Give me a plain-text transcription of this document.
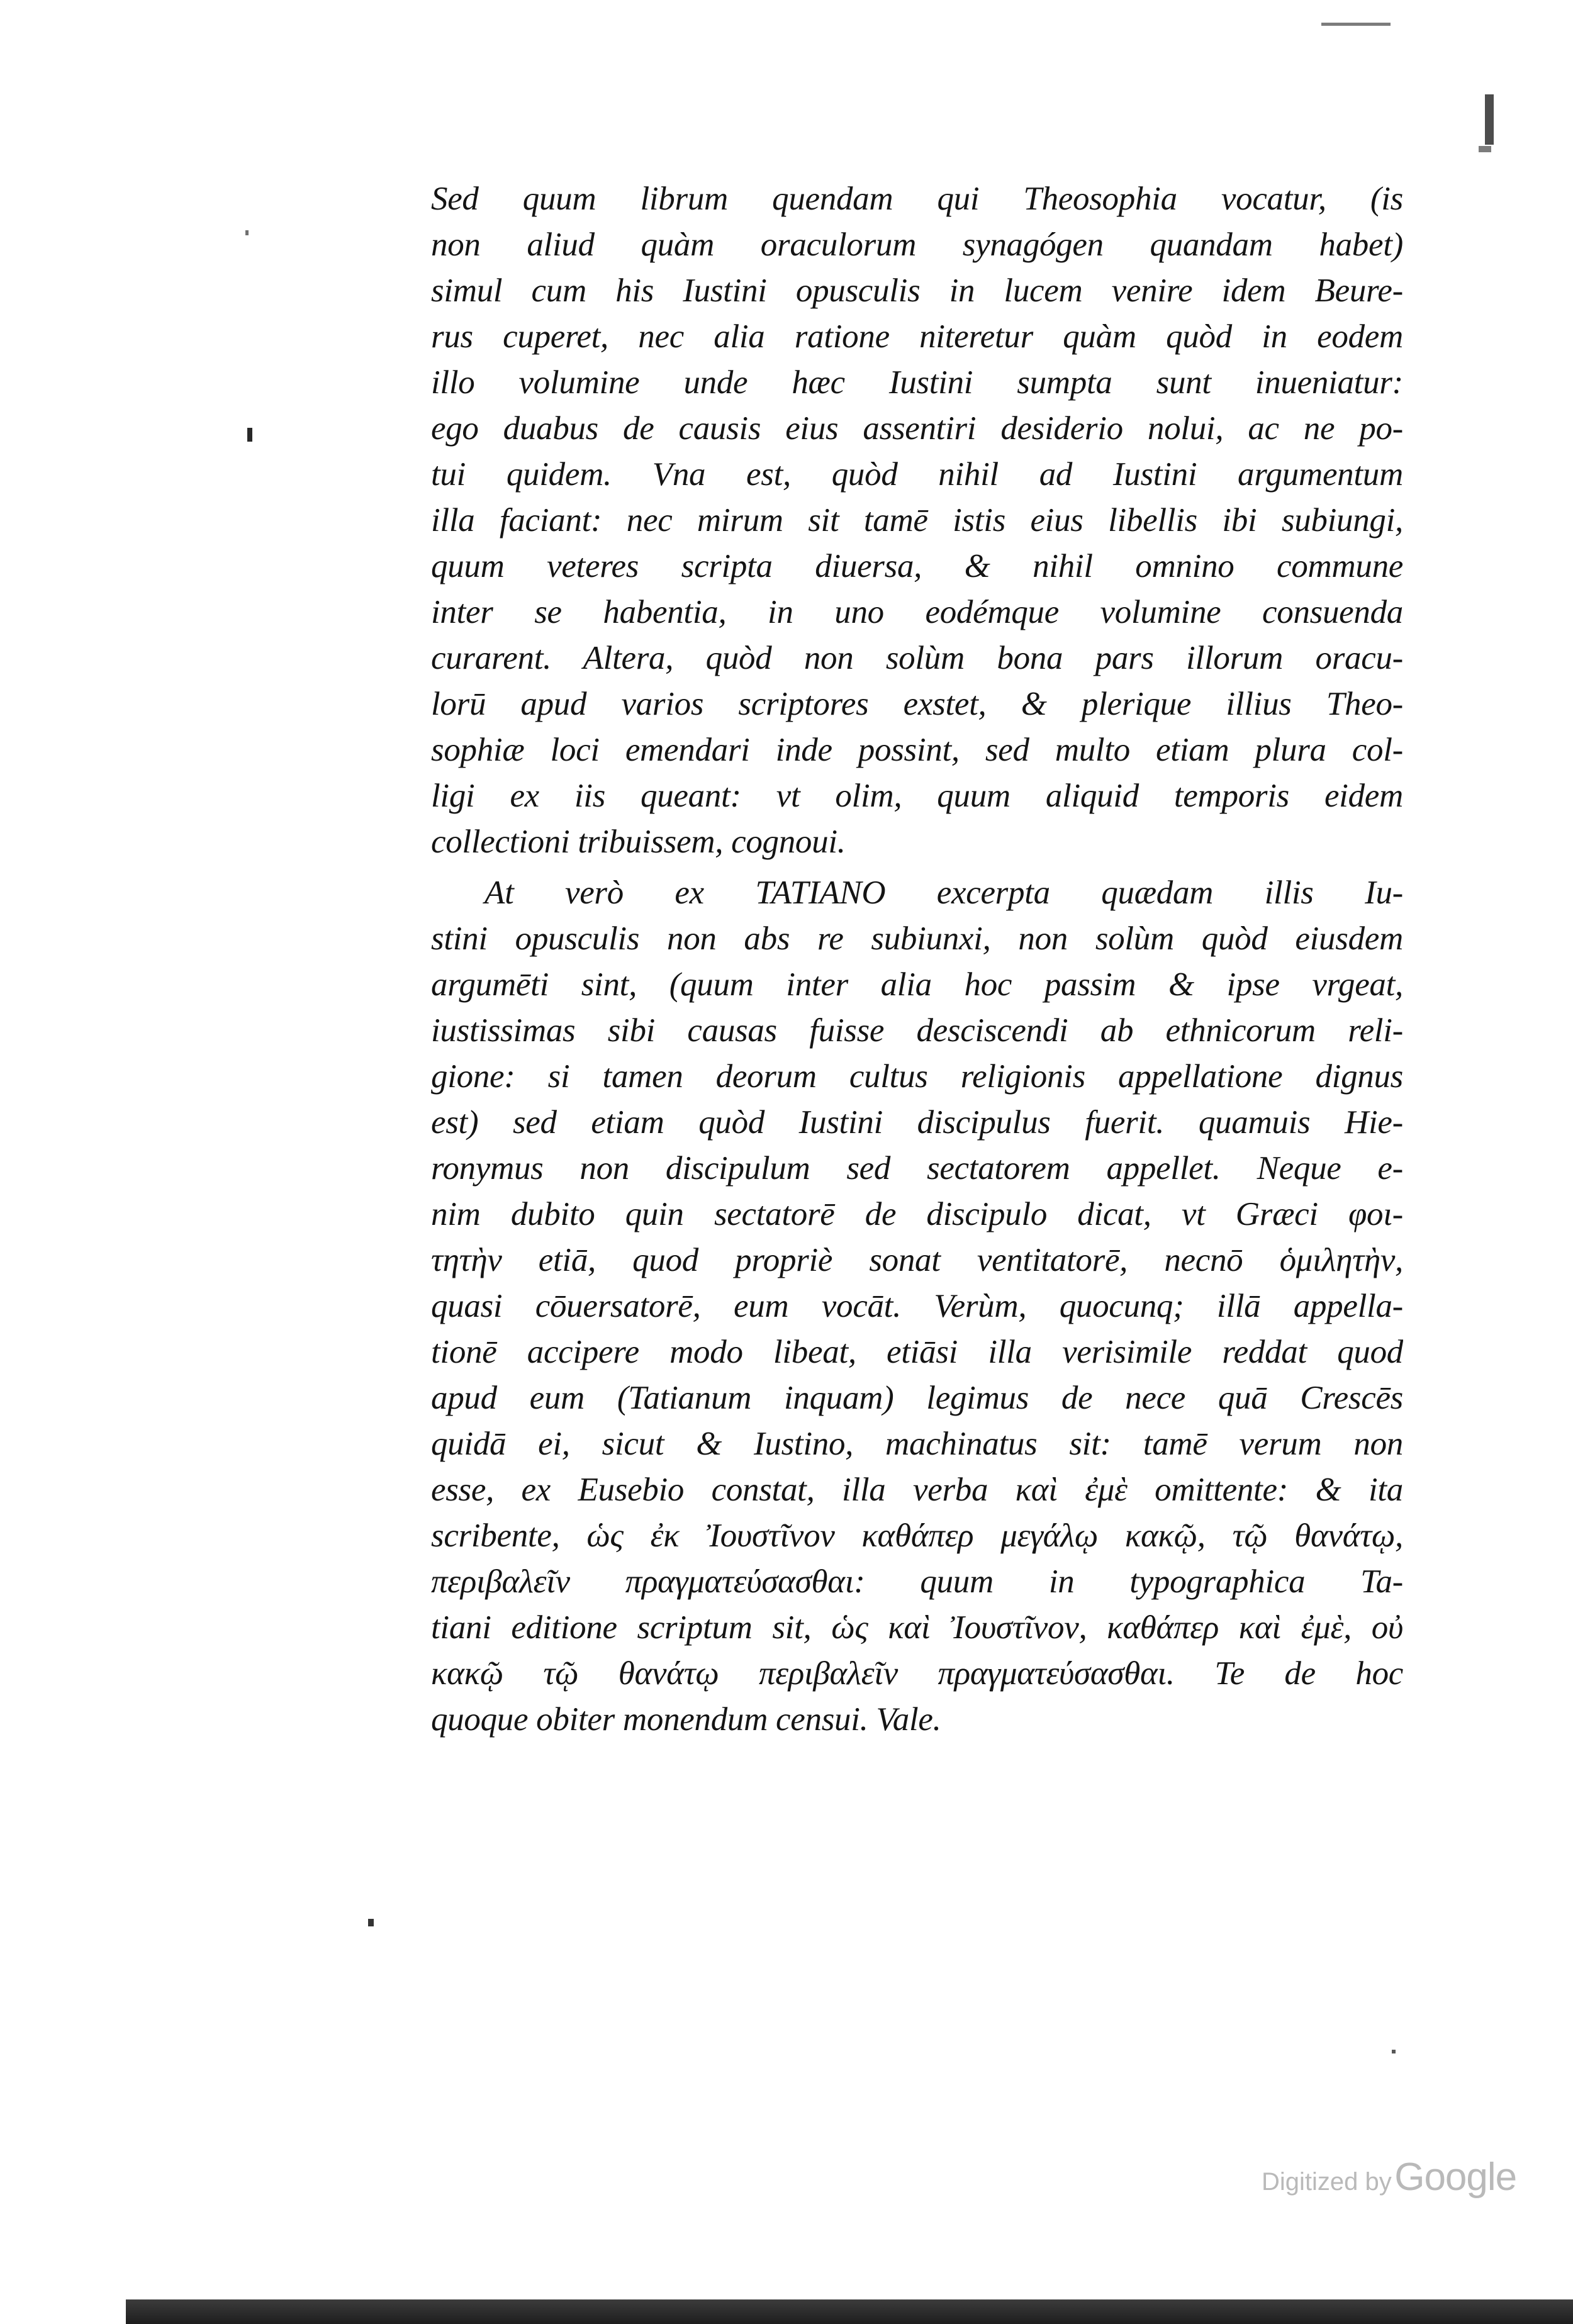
Sed quum librum quendam qui Theosophia vocatur, (is
non aliud quàm oraculorum synagógen quandam habet)
simul cum his Iustini opusculis in lucem venire idem Beure-
rus cuperet, nec alia ratione niteretur quàm quòd in eodem
illo volumine unde hæc Iustini sumpta sunt inueniatur:
ego duabus de causis eius assentiri desiderio nolui, ac ne po-
tui quidem. Vna est, quòd nihil ad Iustini argumentum
illa faciant: nec mirum sit tamē istis eius libellis ibi subiungi,
quum veteres scripta diuersa, & nihil omnino commune
inter se habentia, in uno eodémque volumine consuenda
curarent. Altera, quòd non solùm bona pars illorum oracu-
lorū apud varios scriptores exstet, & plerique illius Theo-
sophiæ loci emendari inde possint, sed multo etiam plura col-
ligi ex iis queant: vt olim, quum aliquid temporis eidem
collectioni tribuissem, cognoui.
At verò ex TATIANO excerpta quædam illis Iu-
stini opusculis non abs re subiunxi, non solùm quòd eiusdem
argumēti sint, (quum inter alia hoc passim & ipse vrgeat,
iustissimas sibi causas fuisse desciscendi ab ethnicorum reli-
gione: si tamen deorum cultus religionis appellatione dignus
est) sed etiam quòd Iustini discipulus fuerit. quamuis Hie-
ronymus non discipulum sed sectatorem appellet. Neque e-
nim dubito quin sectatorē de discipulo dicat, vt Græci φοι-
τητὴν etiā, quod propriè sonat ventitatorē, necnō ὁμιλητὴν,
quasi cōuersatorē, eum vocāt. Verùm, quocunq; illā appella-
tionē accipere modo libeat, etiāsi illa verisimile reddat quod
apud eum (Tatianum inquam) legimus de nece quā Crescēs
quidā ei, sicut & Iustino, machinatus sit: tamē verum non
esse, ex Eusebio constat, illa verba καὶ ἐμὲ omittente: & ita
scribente, ὡς ἐκ Ἰουστῖνον καθάπερ μεγάλῳ κακῷ, τῷ θανάτῳ,
περιβαλεῖν πραγματεύσασθαι: quum in typographica Ta-
tiani editione scriptum sit, ὡς καὶ Ἰουστῖνον, καθάπερ καὶ ἐμὲ, οὐ
κακῷ τῷ θανάτῳ περιβαλεῖν πραγματεύσασθαι. Te de hoc
quoque obiter monendum censui. Vale.
Digitized by Google
